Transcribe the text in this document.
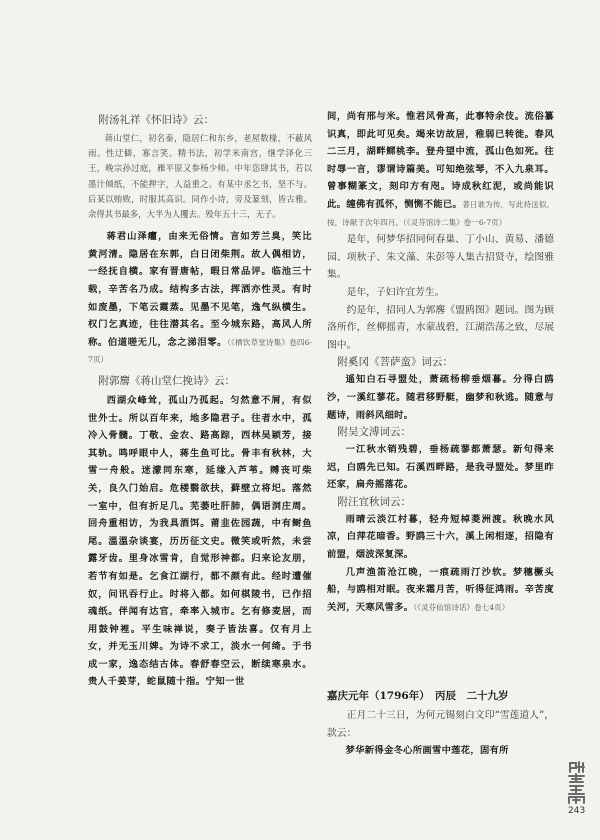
附汤礼祥《怀旧诗》云：

蒋山堂仁，初名泰，隐居仁和东乡，老屋数椽，不蔽风雨。性迂僻，寡言笑。精书法，初学米南宫，继学泽化三王，晚宗孙过庭，雁平原又参杨少师。中年恣肆其书，若以墨汁倾纸，不能押字，人益重之。有某中丞乞书，坚不与。后某以贿败，时服其高识。同作小诗，旁及篆刻，皆古雅。余得其书最多，大半为人攫去。殁年五十三，无子。

蒋君山泽癯，由来无俗情。言如芳兰臭，笑比黄河清。隐居在东郭，白日闭柴荆。故人偶相访，一经抚自横。家有晋唐帖，暇日常品评。临池三十载，辛苦名乃成。结构多古法，挥洒亦性灵。有时如废墨，下笔云霞蒸。见墨不见笔，逸气纵横生。权门乞真迹，往往潜其名。至今城东路，高风人所称。伯道嗟无儿，念之涕泪零。（《栖饮草堂诗集》卷四6-7页）

附郭麐《蒋山堂仁挽诗》云：

西湖众峰耸，孤山乃孤起。匀然意不屑，有似世外士。所以百年来，地多隐君子。往者水中，孤冷入骨髓。丁敬、金农、路高踪，西林吴颖芳，接其轨。鸣呼眼中人，蒋生鱼可比。骨丰有秋林，大雪一舟般。迷濛同东寒，延缘入芦苇。赙丧可柴关，良久门始启。危楼翳欲扶，藓壁立将圯。落然一室中，但有折足几。芜萎吐肝肺，偶语洞庄周。回舟重相访，为我具酒饵。莆韭佐园蔬，中有鲥鱼尾。溫溫杂谈宴，历历征文史。微笑或听然，未尝露牙齿。里身冰雪肯，自觉形神都。归来论友朋，若节有如是。乞食江湖行，都不颜有此。经时遭催奴，问讯吞行止。时将入都。如何棋陵书，已作招魂纸。伴闻有达官，牵率入城市。乞有修麦居，而用鼓钟裡。平生味禅说，奏子皆法喜。仅有月上女，并无玉川婢。为诗不求工，淡水一何绮。于书成一家，逸态结古体。春舒春空云，断续寒泉水。贵人千姜芽，蛇鼠随十指。宁知一世

间，尚有邢与米。惟君风骨高，此事特余伎。流俗纂识真，即此可见矣。竭来访故居，稚弱已转徙。春风二三月，湖畔鳏桃李。登舟望中流，孤山色如死。往时辱一言，谬谓诗篇美。可知绝弦琴，不入九泉耳。曾事糊篆文，刻印方有咫。诗成秋红泥，或尚能识此。缠佛有孤怀，恻恻不能已。著日谁为传，写此持送似。按，诗献于次年四月。（《灵芬馆诗二集》卷一6-7页）

是年，何梦华招同何春巢、丁小山、黄易、潘德园、项秋子、朱文藻、朱彭等人集古招贤寺，绘图雅集。

是年，子妇许宜芳生。

约是年，招同人为郭麐《盟鸥图》题词。图为顾洛所作，丝柳摇青，水蒙战碧，江湖浩荡之致，尽展图中。

附奚冈《菩萨蛮》词云：

遥知白石寻盟处，萧疏杨柳垂烟暮。分得白鸥沙，一溪红蓼花。随君移野艇，幽梦和秋逃。随意与题诗，雨斜风细时。

附吴文溥词云：

一江秋水销残碧，垂杨疏蓼都萧瑟。新句得来迟，白鸥先已知。石溪西畔路，是我寻盟处。梦里昨还家，扁舟摇落花。

附汪宜秋词云：

雨晴云淡江村暮，轻舟短棹菱洲渡。秋晚水风凉，白萍花暗香。野鸥三十六，溪上闲相逐，招隐有前盟，烟波深复深。

几声渔笛沧江晚，一痕疏雨汀沙软。梦穗橛头船，与鸥相对眠。夜来霜月苦，听得征鸿雨。辛苦度关河，天寒风雪多。（《灵芬仙馆诗话》卷七4页）

嘉庆元年（1796年）　丙辰　二十九岁

正月二十三日，为何元锡刻白文印“雪莲道人”，款云：

梦华新得金冬心所画雪中莲花，固有所

243
